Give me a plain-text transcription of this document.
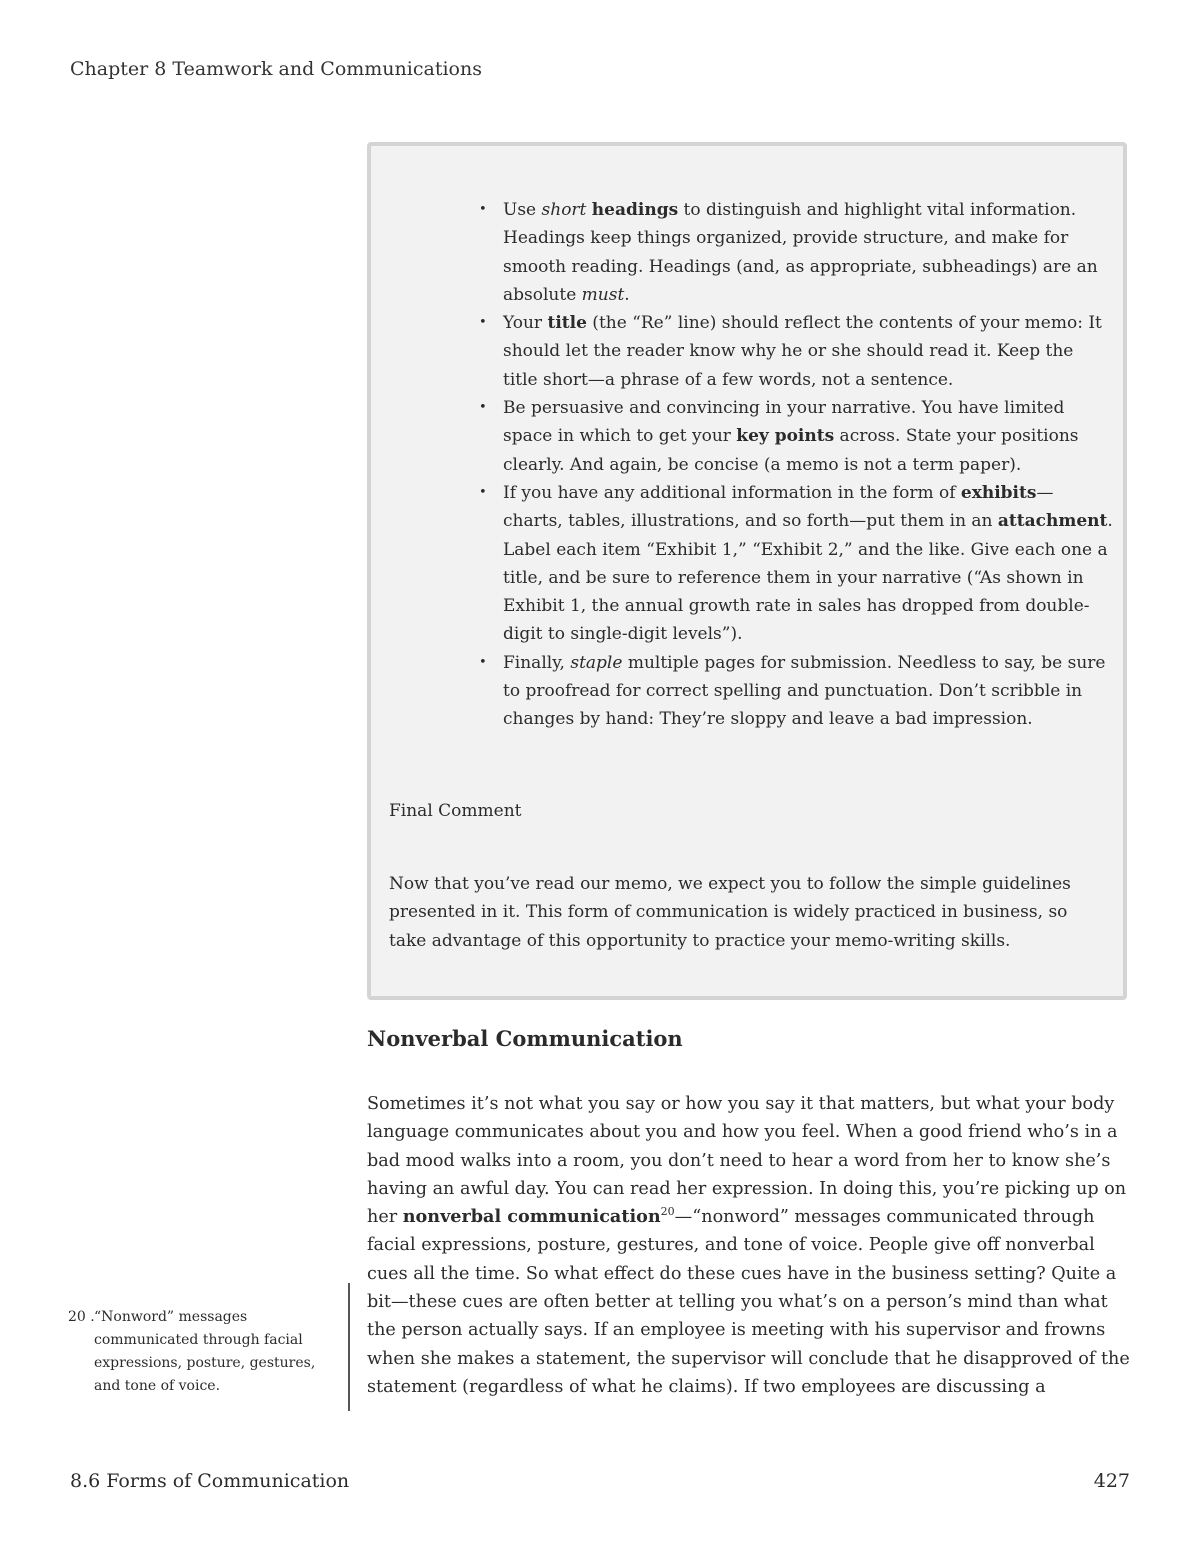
Chapter 8 Teamwork and Communications
• Use short headings to distinguish and highlight vital information. Headings keep things organized, provide structure, and make for smooth reading. Headings (and, as appropriate, subheadings) are an absolute must.
• Your title (the “Re” line) should reflect the contents of your memo: It should let the reader know why he or she should read it. Keep the title short—a phrase of a few words, not a sentence.
• Be persuasive and convincing in your narrative. You have limited space in which to get your key points across. State your positions clearly. And again, be concise (a memo is not a term paper).
• If you have any additional information in the form of exhibits—charts, tables, illustrations, and so forth—put them in an attachment. Label each item “Exhibit 1,” “Exhibit 2,” and the like. Give each one a title, and be sure to reference them in your narrative (“As shown in Exhibit 1, the annual growth rate in sales has dropped from double-digit to single-digit levels”).
• Finally, staple multiple pages for submission. Needless to say, be sure to proofread for correct spelling and punctuation. Don’t scribble in changes by hand: They’re sloppy and leave a bad impression.
Final Comment
Now that you’ve read our memo, we expect you to follow the simple guidelines presented in it. This form of communication is widely practiced in business, so take advantage of this opportunity to practice your memo-writing skills.
Nonverbal Communication
Sometimes it’s not what you say or how you say it that matters, but what your body language communicates about you and how you feel. When a good friend who’s in a bad mood walks into a room, you don’t need to hear a word from her to know she’s having an awful day. You can read her expression. In doing this, you’re picking up on her nonverbal communication$^{20}$—“nonword” messages communicated through facial expressions, posture, gestures, and tone of voice. People give off nonverbal cues all the time. So what effect do these cues have in the business setting? Quite a bit—these cues are often better at telling you what’s on a person’s mind than what the person actually says. If an employee is meeting with his supervisor and frowns when she makes a statement, the supervisor will conclude that he disapproved of the statement (regardless of what he claims). If two employees are discussing a
20 . “Nonword” messages communicated through facial expressions, posture, gestures, and tone of voice.
8.6 Forms of Communication	427
